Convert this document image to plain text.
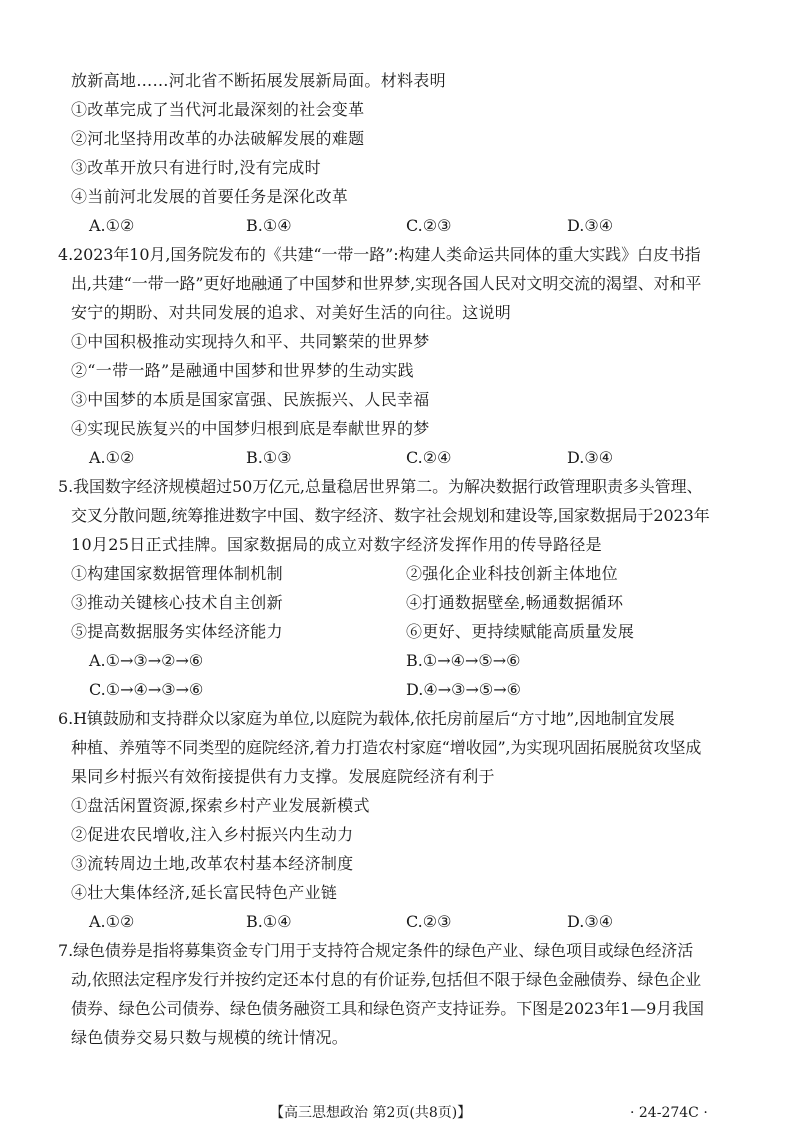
放新高地……河北省不断拓展发展新局面。材料表明
①改革完成了当代河北最深刻的社会变革
②河北坚持用改革的办法破解发展的难题
③改革开放只有进行时,没有完成时
④当前河北发展的首要任务是深化改革
A.①②	B.①④	C.②③	D.③④
4.2023年10月,国务院发布的《共建“一带一路”:构建人类命运共同体的重大实践》白皮书指
出,共建“一带一路”更好地融通了中国梦和世界梦,实现各国人民对文明交流的渴望、对和平
安宁的期盼、对共同发展的追求、对美好生活的向往。这说明
①中国积极推动实现持久和平、共同繁荣的世界梦
②“一带一路”是融通中国梦和世界梦的生动实践
③中国梦的本质是国家富强、民族振兴、人民幸福
④实现民族复兴的中国梦归根到底是奉献世界的梦
A.①②	B.①③	C.②④	D.③④
5.我国数字经济规模超过50万亿元,总量稳居世界第二。为解决数据行政管理职责多头管理、
交叉分散问题,统筹推进数字中国、数字经济、数字社会规划和建设等,国家数据局于2023年
10月25日正式挂牌。国家数据局的成立对数字经济发挥作用的传导路径是
①构建国家数据管理体制机制	②强化企业科技创新主体地位
③推动关键核心技术自主创新	④打通数据壁垒,畅通数据循环
⑤提高数据服务实体经济能力	⑥更好、更持续赋能高质量发展
A.①→③→②→⑥	B.①→④→⑤→⑥
C.①→④→③→⑥	D.④→③→⑤→⑥
6.H镇鼓励和支持群众以家庭为单位,以庭院为载体,依托房前屋后“方寸地”,因地制宜发展
种植、养殖等不同类型的庭院经济,着力打造农村家庭“增收园”,为实现巩固拓展脱贫攻坚成
果同乡村振兴有效衔接提供有力支撑。发展庭院经济有利于
①盘活闲置资源,探索乡村产业发展新模式
②促进农民增收,注入乡村振兴内生动力
③流转周边土地,改革农村基本经济制度
④壮大集体经济,延长富民特色产业链
A.①②	B.①④	C.②③	D.③④
7.绿色债券是指将募集资金专门用于支持符合规定条件的绿色产业、绿色项目或绿色经济活
动,依照法定程序发行并按约定还本付息的有价证券,包括但不限于绿色金融债券、绿色企业
债券、绿色公司债券、绿色债务融资工具和绿色资产支持证券。下图是2023年1—9月我国
绿色债券交易只数与规模的统计情况。
【高三思想政治 第2页(共8页)】	· 24-274C ·
